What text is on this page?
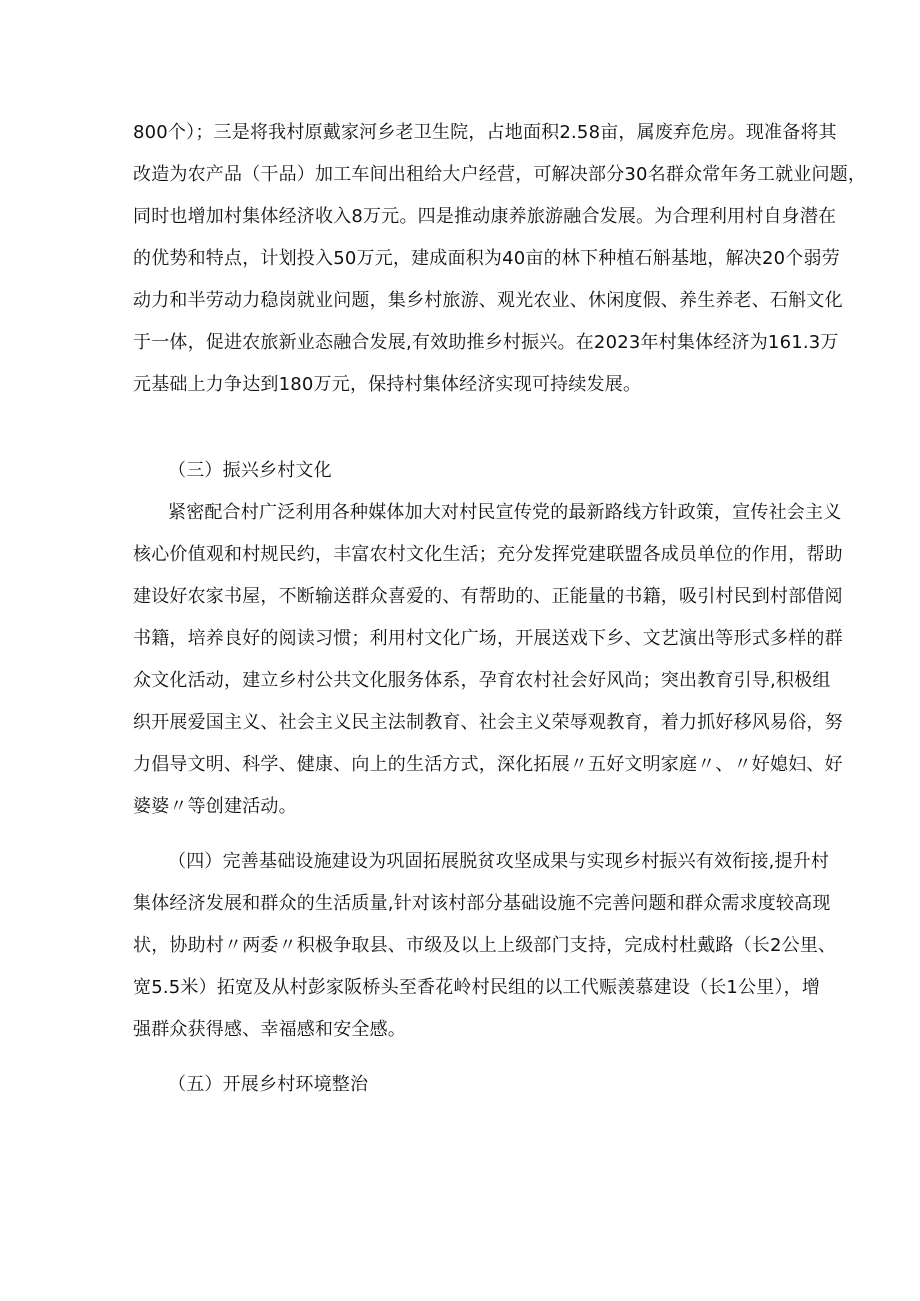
800个）；三是将我村原戴家河乡老卫生院，占地面积2.58亩，属废弃危房。现准备将其
改造为农产品（干品）加工车间出租给大户经营，可解决部分30名群众常年务工就业问题，
同时也增加村集体经济收入8万元。四是推动康养旅游融合发展。为合理利用村自身潜在
的优势和特点，计划投入50万元，建成面积为40亩的林下种植石斛基地，解决20个弱劳
动力和半劳动力稳岗就业问题，集乡村旅游、观光农业、休闲度假、养生养老、石斛文化
于一体，促进农旅新业态融合发展,有效助推乡村振兴。在2023年村集体经济为161.3万
元基础上力争达到180万元，保持村集体经济实现可持续发展。
（三）振兴乡村文化
紧密配合村广泛利用各种媒体加大对村民宣传党的最新路线方针政策，宣传社会主义
核心价值观和村规民约，丰富农村文化生活；充分发挥党建联盟各成员单位的作用，帮助
建设好农家书屋，不断输送群众喜爱的、有帮助的、正能量的书籍，吸引村民到村部借阅
书籍，培养良好的阅读习惯；利用村文化广场，开展送戏下乡、文艺演出等形式多样的群
众文化活动，建立乡村公共文化服务体系，孕育农村社会好风尚；突出教育引导,积极组
织开展爱国主义、社会主义民主法制教育、社会主义荣辱观教育，着力抓好移风易俗，努
力倡导文明、科学、健康、向上的生活方式，深化拓展〃五好文明家庭〃、〃好媳妇、好
婆婆〃等创建活动。
（四）完善基础设施建设为巩固拓展脱贫攻坚成果与实现乡村振兴有效衔接,提升村
集体经济发展和群众的生活质量,针对该村部分基础设施不完善问题和群众需求度较高现
状，协助村〃两委〃积极争取县、市级及以上上级部门支持，完成村杜戴路（长2公里、
宽5.5米）拓宽及从村彭家阪桥头至香花岭村民组的以工代赈羡慕建设（长1公里），增
强群众获得感、幸福感和安全感。
（五）开展乡村环境整治
